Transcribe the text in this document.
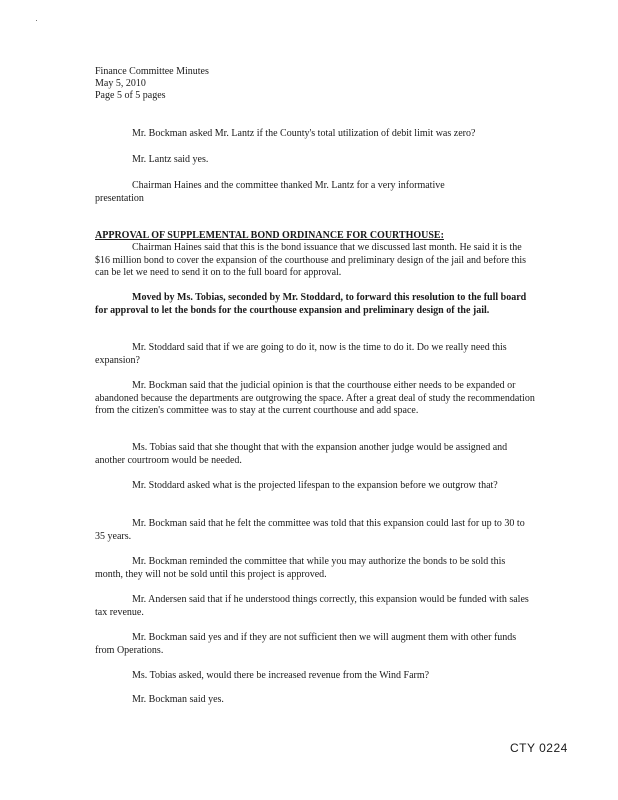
Finance Committee Minutes
May 5, 2010
Page 5 of 5 pages
Mr. Bockman asked Mr. Lantz if the County's total utilization of debit limit was zero?
Mr. Lantz said yes.
Chairman Haines and the committee thanked Mr. Lantz for a very informative presentation
APPROVAL OF SUPPLEMENTAL BOND ORDINANCE FOR COURTHOUSE:
Chairman Haines said that this is the bond issuance that we discussed last month. He said it is the $16 million bond to cover the expansion of the courthouse and preliminary design of the jail and before this can be let we need to send it on to the full board for approval.
Moved by Ms. Tobias, seconded by Mr. Stoddard, to forward this resolution to the full board for approval to let the bonds for the courthouse expansion and preliminary design of the jail.
Mr. Stoddard said that if we are going to do it, now is the time to do it. Do we really need this expansion?
Mr. Bockman said that the judicial opinion is that the courthouse either needs to be expanded or abandoned because the departments are outgrowing the space. After a great deal of study the recommendation from the citizen's committee was to stay at the current courthouse and add space.
Ms. Tobias said that she thought that with the expansion another judge would be assigned and another courtroom would be needed.
Mr. Stoddard asked what is the projected lifespan to the expansion before we outgrow that?
Mr. Bockman said that he felt the committee was told that this expansion could last for up to 30 to 35 years.
Mr. Bockman reminded the committee that while you may authorize the bonds to be sold this month, they will not be sold until this project is approved.
Mr. Andersen said that if he understood things correctly, this expansion would be funded with sales tax revenue.
Mr. Bockman said yes and if they are not sufficient then we will augment them with other funds from Operations.
Ms. Tobias asked, would there be increased revenue from the Wind Farm?
Mr. Bockman said yes.
CTY 0224
